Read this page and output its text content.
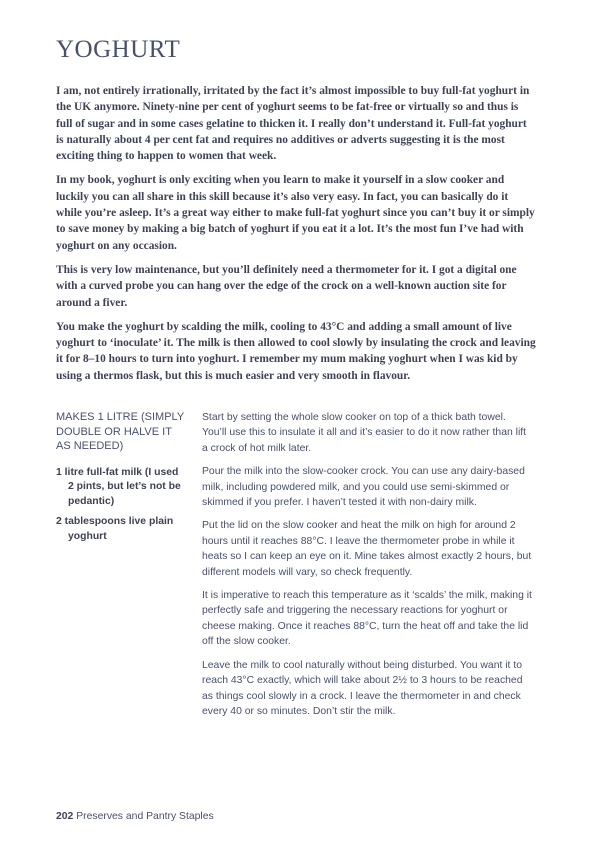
YOGHURT

I am, not entirely irrationally, irritated by the fact it’s almost impossible to buy full-fat yoghurt in the UK anymore. Ninety-nine per cent of yoghurt seems to be fat-free or virtually so and thus is full of sugar and in some cases gelatine to thicken it. I really don’t understand it. Full-fat yoghurt is naturally about 4 per cent fat and requires no additives or adverts suggesting it is the most exciting thing to happen to women that week.

In my book, yoghurt is only exciting when you learn to make it yourself in a slow cooker and luckily you can all share in this skill because it’s also very easy. In fact, you can basically do it while you’re asleep. It’s a great way either to make full-fat yoghurt since you can’t buy it or simply to save money by making a big batch of yoghurt if you eat it a lot. It’s the most fun I’ve had with yoghurt on any occasion.

This is very low maintenance, but you’ll definitely need a thermometer for it. I got a digital one with a curved probe you can hang over the edge of the crock on a well-known auction site for around a fiver.

You make the yoghurt by scalding the milk, cooling to 43°C and adding a small amount of live yoghurt to ‘inoculate’ it. The milk is then allowed to cool slowly by insulating the crock and leaving it for 8–10 hours to turn into yoghurt. I remember my mum making yoghurt when I was kid by using a thermos flask, but this is much easier and very smooth in flavour.

MAKES 1 LITRE (SIMPLY DOUBLE OR HALVE IT AS NEEDED)

1 litre full-fat milk (I used 2 pints, but let’s not be pedantic)

2 tablespoons live plain yoghurt

Start by setting the whole slow cooker on top of a thick bath towel. You’ll use this to insulate it all and it’s easier to do it now rather than lift a crock of hot milk later.

Pour the milk into the slow-cooker crock. You can use any dairy-based milk, including powdered milk, and you could use semi-skimmed or skimmed if you prefer. I haven’t tested it with non-dairy milk.

Put the lid on the slow cooker and heat the milk on high for around 2 hours until it reaches 88°C. I leave the thermometer probe in while it heats so I can keep an eye on it. Mine takes almost exactly 2 hours, but different models will vary, so check frequently.

It is imperative to reach this temperature as it ‘scalds’ the milk, making it perfectly safe and triggering the necessary reactions for yoghurt or cheese making. Once it reaches 88°C, turn the heat off and take the lid off the slow cooker.

Leave the milk to cool naturally without being disturbed. You want it to reach 43°C exactly, which will take about 2½ to 3 hours to be reached as things cool slowly in a crock. I leave the thermometer in and check every 40 or so minutes. Don’t stir the milk.

202 Preserves and Pantry Staples
